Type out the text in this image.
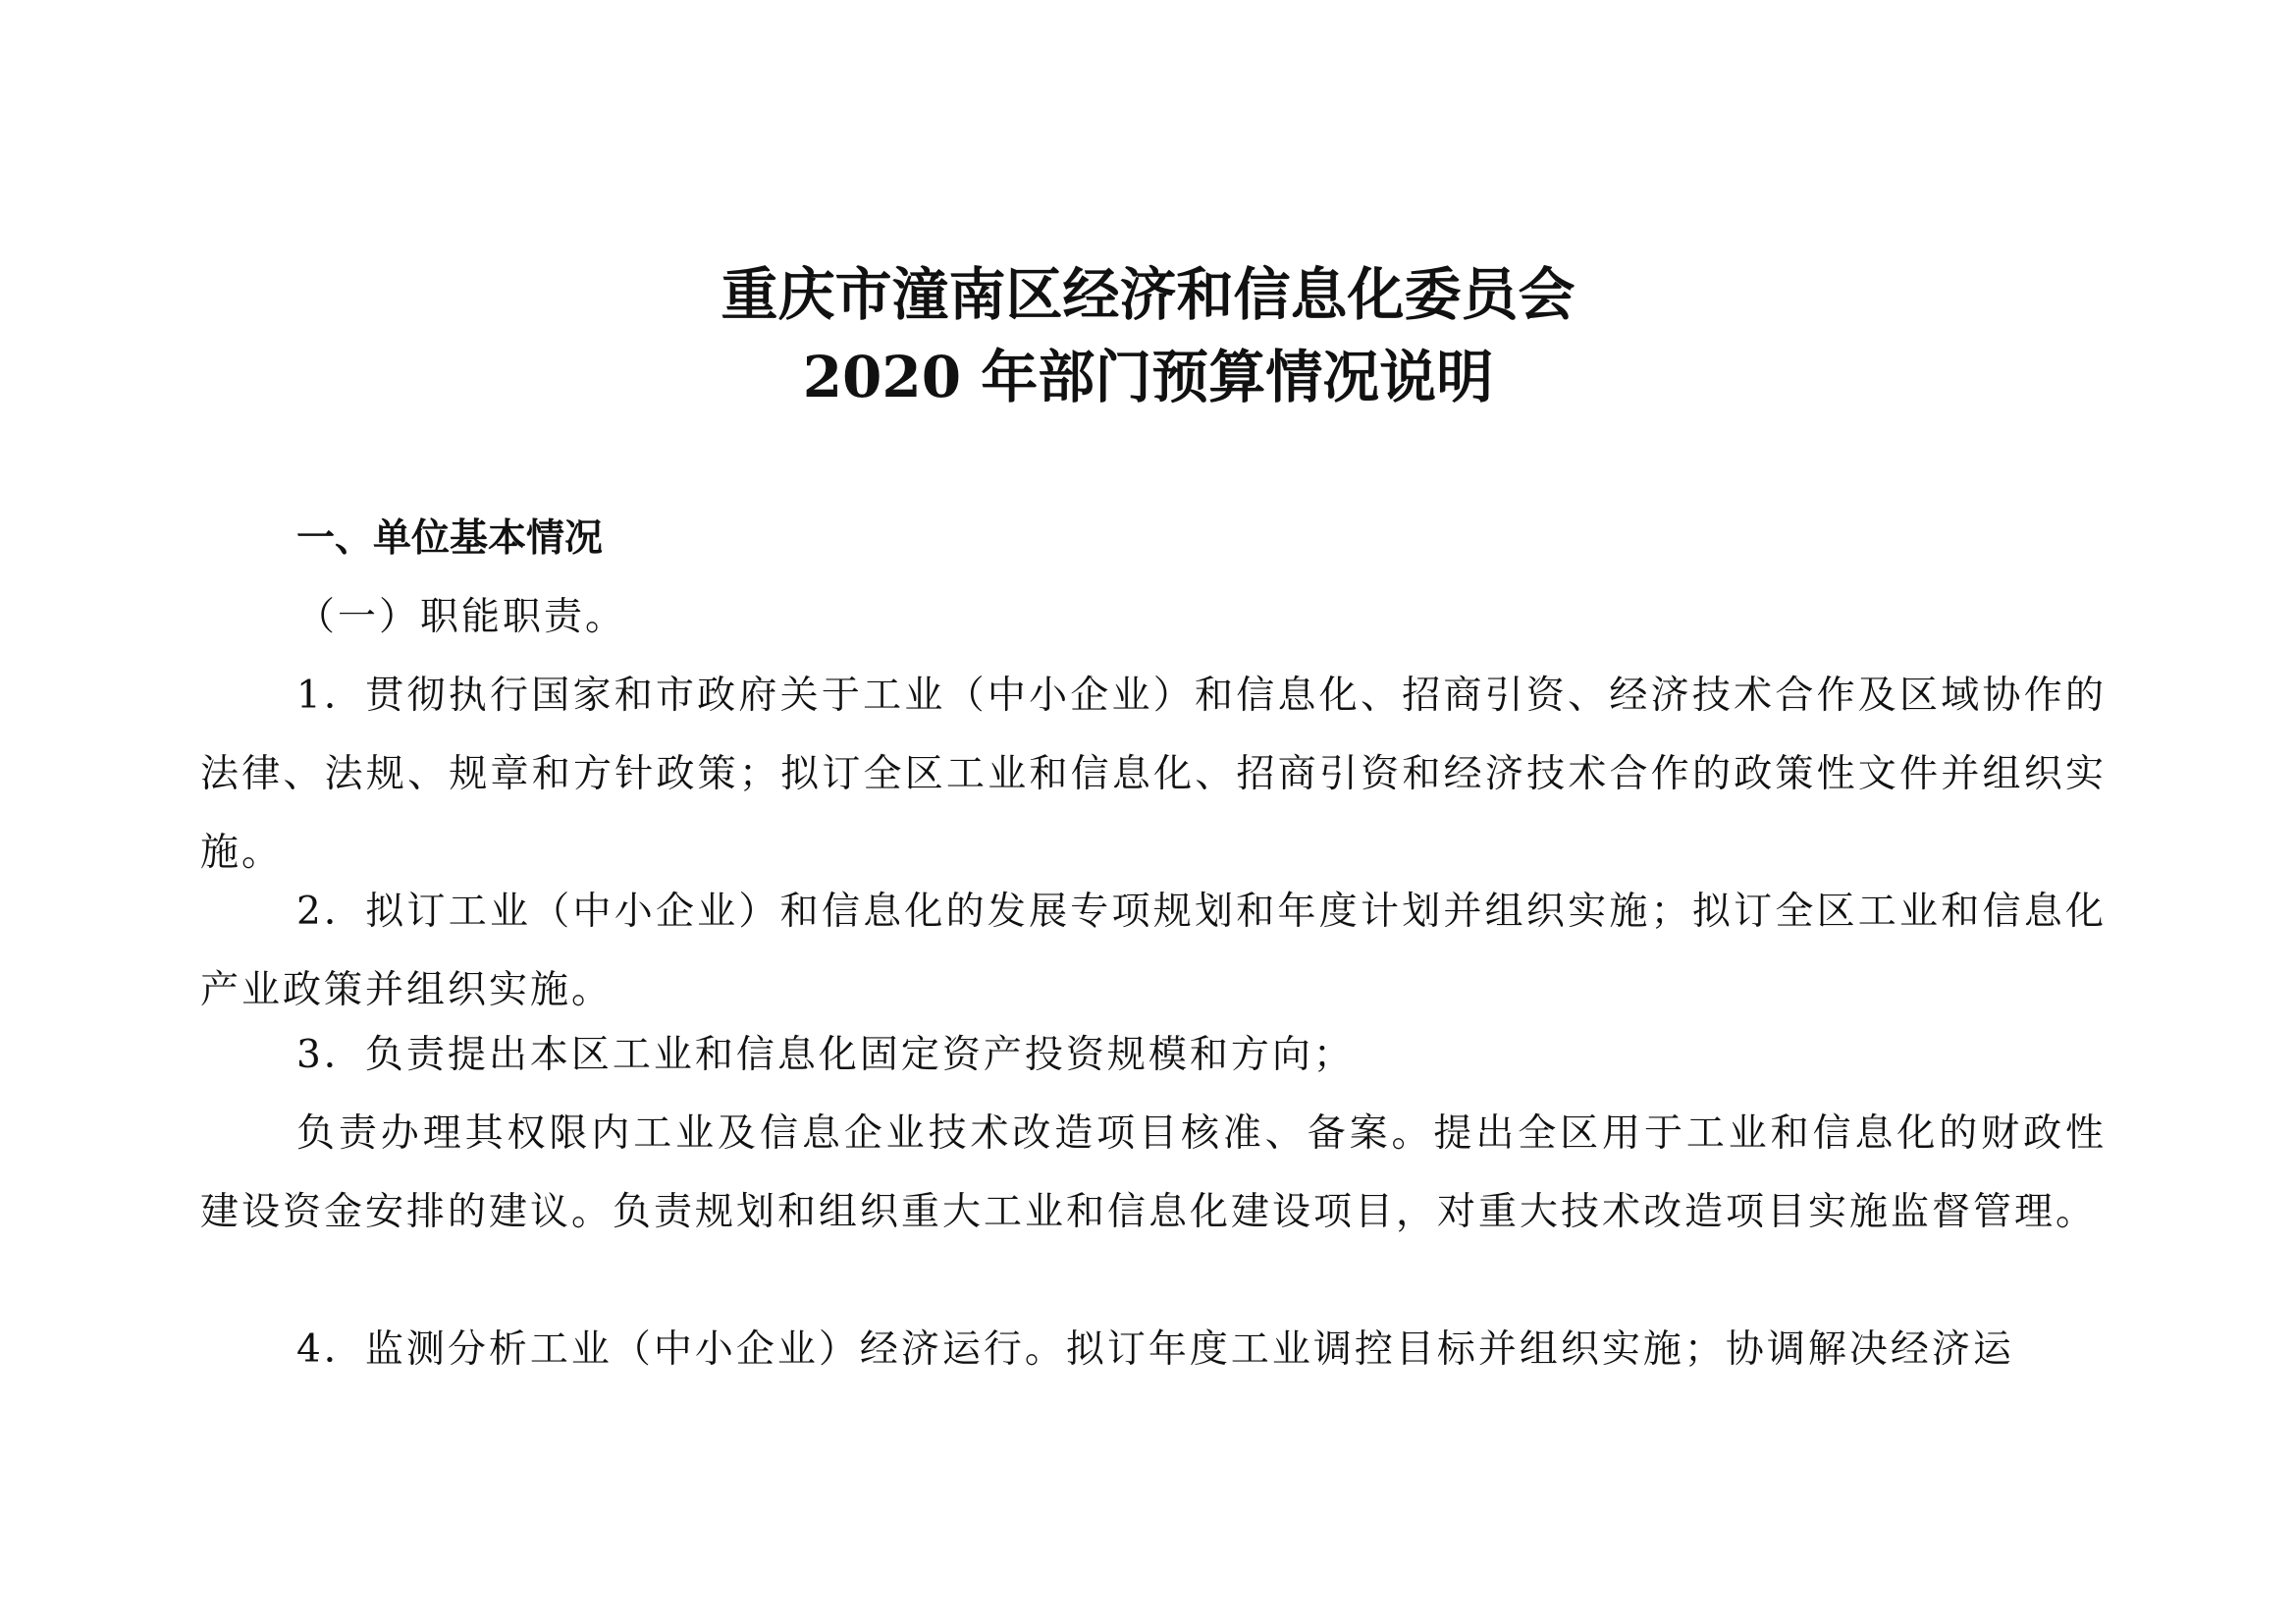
重庆市潼南区经济和信息化委员会
2020 年部门预算情况说明
一、单位基本情况

（一）职能职责。

1．贯彻执行国家和市政府关于工业（中小企业）和信息化、招商引资、经济技术合作及区域协作的法律、法规、规章和方针政策；拟订全区工业和信息化、招商引资和经济技术合作的政策性文件并组织实施。

2．拟订工业（中小企业）和信息化的发展专项规划和年度计划并组织实施；拟订全区工业和信息化产业政策并组织实施。

3．负责提出本区工业和信息化固定资产投资规模和方向；

负责办理其权限内工业及信息企业技术改造项目核准、备案。提出全区用于工业和信息化的财政性建设资金安排的建议。负责规划和组织重大工业和信息化建设项目，对重大技术改造项目实施监督管理。

4．监测分析工业（中小企业）经济运行。拟订年度工业调控目标并组织实施；协调解决经济运
